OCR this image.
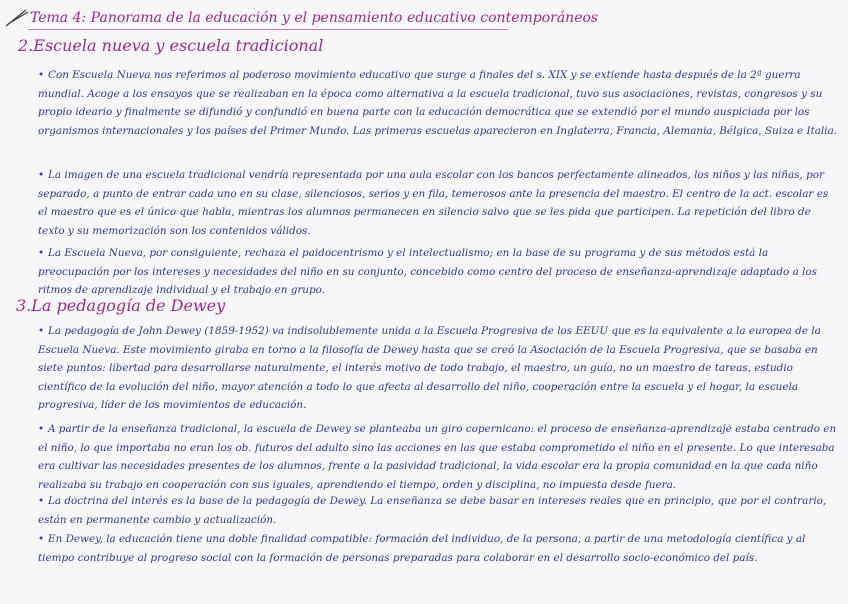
Tema 4: Panorama de la educación y el pensamiento educativo contemporáneos
2.Escuela nueva y escuela tradicional
• Con Escuela Nueva nos referimos al poderoso movimiento educativo que surge a finales del s. XIX y se extiende hasta después de la 2ª guerra mundial. Acoge a los ensayos que se realizaban en la época como alternativa a la escuela tradicional, tuvo sus asociaciones, revistas, congresos y su propio ideario y finalmente se difundió y confundió en buena parte con la educación democrática que se extendió por el mundo auspiciada por los organismos internacionales y los países del Primer Mundo. Las primeras escuelas aparecieron en Inglaterra, Francia, Alemania, Bélgica, Suiza e Italia.
• La imagen de una escuela tradicional vendría representada por una aula escolar con los bancos perfectamente alineados, los niños y las niñas, por separado, a punto de entrar cada uno en su clase, silenciosos, serios y en fila, temerosos ante la presencia del maestro. El centro de la act. escolar es el maestro que es el único que habla, mientras los alumnos permanecen en silencio salvo que se les pida que participen. La repetición del libro de texto y su memorización son los contenidos válidos.
• La Escuela Nueva, por consiguiente, rechaza el paidocentrismo y el intelectualismo; en la base de su programa y de sus métodos está la preocupación por los intereses y necesidades del niño en su conjunto, concebido como centro del proceso de enseñanza-aprendizaje adaptado a los ritmos de aprendizaje individual y el trabajo en grupo.
3.La pedagogía de Dewey
• La pedagogía de John Dewey (1859-1952) va indisolublemente unida a la Escuela Progresiva de los EEUU que es la equivalente a la europea de la Escuela Nueva. Este movimiento giraba en torno a la filosofía de Dewey hasta que se creó la Asociación de la Escuela Progresiva, que se basaba en siete puntos: libertad para desarrollarse naturalmente, el interés motivo de todo trabajo, el maestro, un guía, no un maestro de tareas, estudio científico de la evolución del niño, mayor atención a todo lo que afecta al desarrollo del niño, cooperación entre la escuela y el hogar, la escuela progresiva, líder de los movimientos de educación.
• A partir de la enseñanza tradicional, la escuela de Dewey se planteaba un giro copernicano: el proceso de enseñanza-aprendizaje estaba centrado en el niño, lo que importaba no eran los ob. futuros del adulto sino las acciones en las que estaba comprometido el niño en el presente. Lo que interesaba era cultivar las necesidades presentes de los alumnos, frente a la pasividad tradicional, la vida escolar era la propia comunidad en la que cada niño realizaba su trabajo en cooperación con sus iguales, aprendiendo el tiempo, orden y disciplina, no impuesta desde fuera.
• La doctrina del interés es la base de la pedagogía de Dewey. La enseñanza se debe basar en intereses reales que en principio, que por el contrario, están en permanente cambio y actualización.
• En Dewey, la educación tiene una doble finalidad compatible: formación del individuo, de la persona, a partir de una metodología científica y al tiempo contribuye al progreso social con la formación de personas preparadas para colaborar en el desarrollo socio-económico del país.
